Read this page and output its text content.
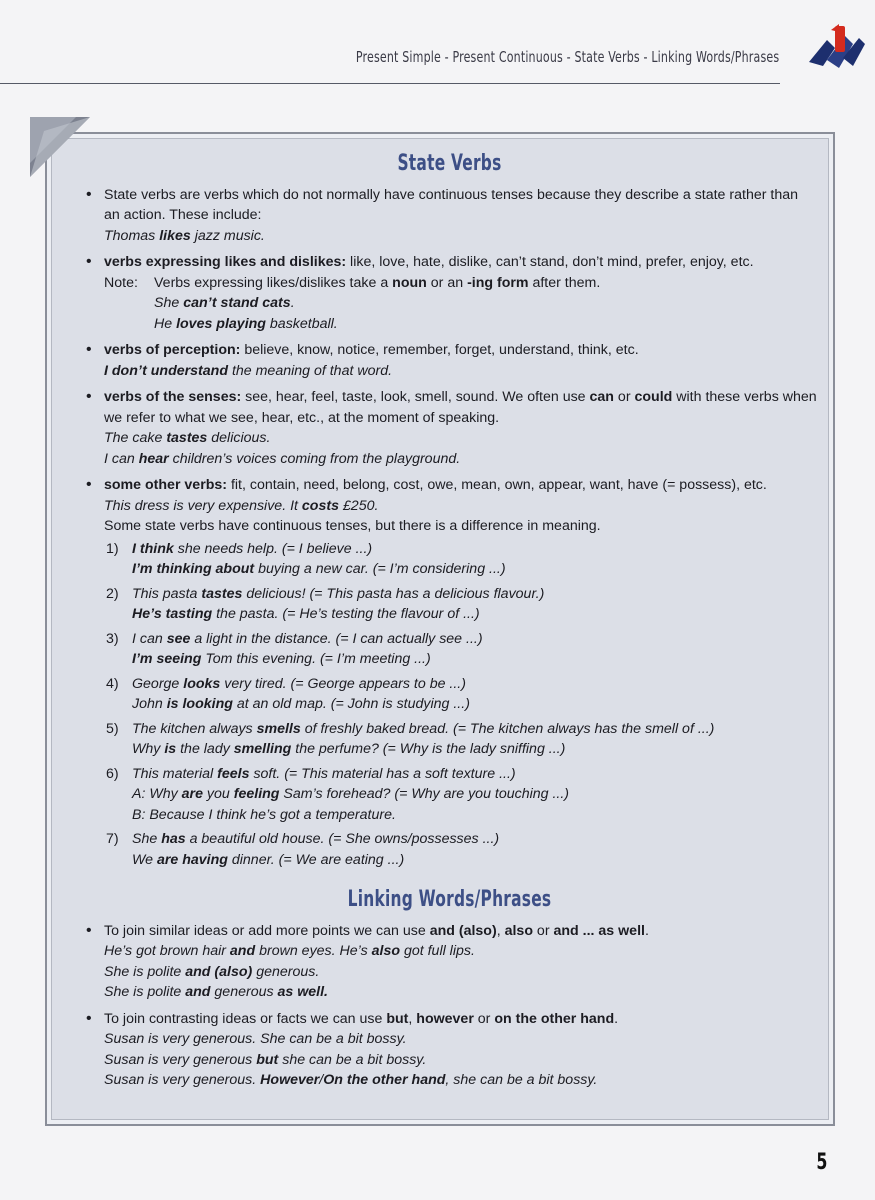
Present Simple - Present Continuous - State Verbs - Linking Words/Phrases
State Verbs
• State verbs are verbs which do not normally have continuous tenses because they describe a state rather than an action. These include:
Thomas likes jazz music.
• verbs expressing likes and dislikes: like, love, hate, dislike, can’t stand, don’t mind, prefer, enjoy, etc.
Note:	Verbs expressing likes/dislikes take a noun or an -ing form after them.
She can’t stand cats.
He loves playing basketball.
• verbs of perception: believe, know, notice, remember, forget, understand, think, etc.
I don’t understand the meaning of that word.
• verbs of the senses: see, hear, feel, taste, look, smell, sound. We often use can or could with these verbs when we refer to what we see, hear, etc., at the moment of speaking.
The cake tastes delicious.
I can hear children’s voices coming from the playground.
• some other verbs: fit, contain, need, belong, cost, owe, mean, own, appear, want, have (= possess), etc.
This dress is very expensive. It costs £250.
Some state verbs have continuous tenses, but there is a difference in meaning.
1) I think she needs help. (= I believe ...)
I’m thinking about buying a new car. (= I’m considering ...)
2) This pasta tastes delicious! (= This pasta has a delicious flavour.)
He’s tasting the pasta. (= He’s testing the flavour of ...)
3) I can see a light in the distance. (= I can actually see ...)
I’m seeing Tom this evening. (= I’m meeting ...)
4) George looks very tired. (= George appears to be ...)
John is looking at an old map. (= John is studying ...)
5) The kitchen always smells of freshly baked bread. (= The kitchen always has the smell of ...)
Why is the lady smelling the perfume? (= Why is the lady sniffing ...)
6) This material feels soft. (= This material has a soft texture ...)
A: Why are you feeling Sam’s forehead? (= Why are you touching ...)
B: Because I think he’s got a temperature.
7) She has a beautiful old house. (= She owns/possesses ...)
We are having dinner. (= We are eating ...)
Linking Words/Phrases
• To join similar ideas or add more points we can use and (also), also or and ... as well.
He’s got brown hair and brown eyes. He’s also got full lips.
She is polite and (also) generous.
She is polite and generous as well.
• To join contrasting ideas or facts we can use but, however or on the other hand.
Susan is very generous. She can be a bit bossy.
Susan is very generous but she can be a bit bossy.
Susan is very generous. However/On the other hand, she can be a bit bossy.
5
